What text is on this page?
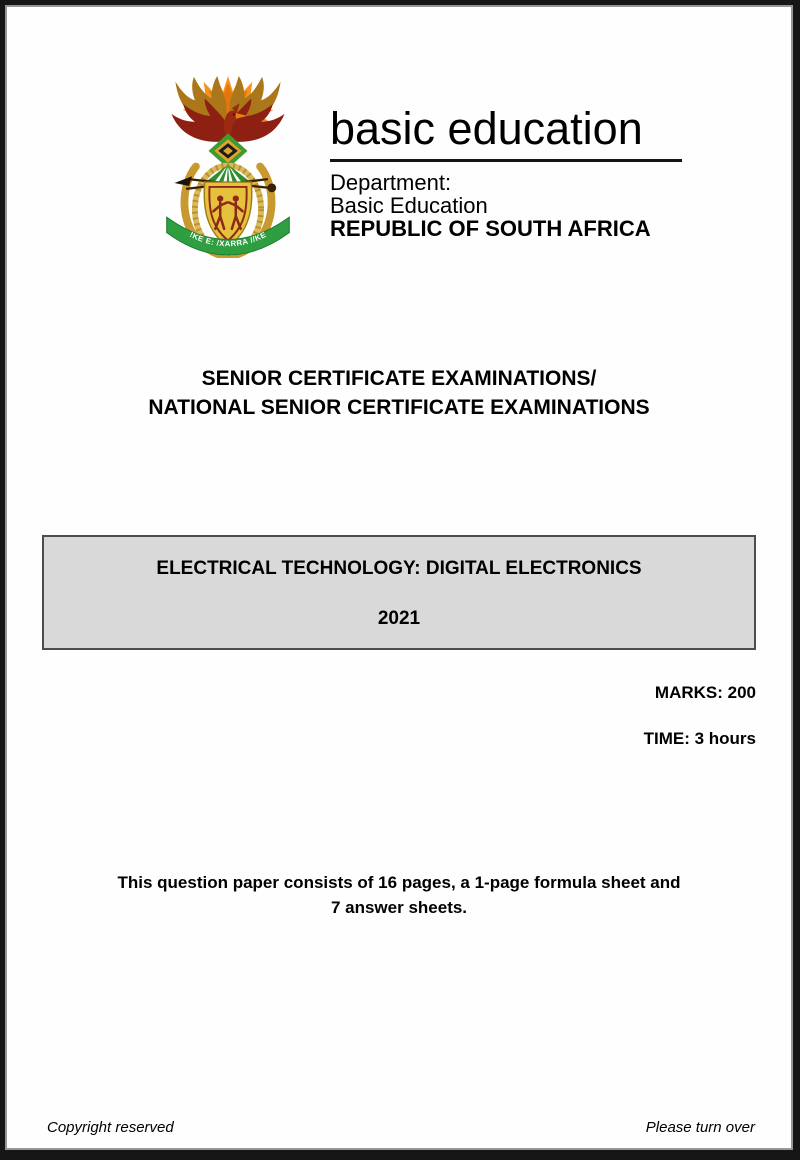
!KE E: /XARRA //KE
basic education
Department:
Basic Education
REPUBLIC OF SOUTH AFRICA
SENIOR CERTIFICATE EXAMINATIONS/
NATIONAL SENIOR CERTIFICATE EXAMINATIONS
ELECTRICAL TECHNOLOGY: DIGITAL ELECTRONICS
2021
MARKS: 200
TIME: 3 hours
This question paper consists of 16 pages, a 1-page formula sheet and
7 answer sheets.
Copyright reserved	Please turn over
